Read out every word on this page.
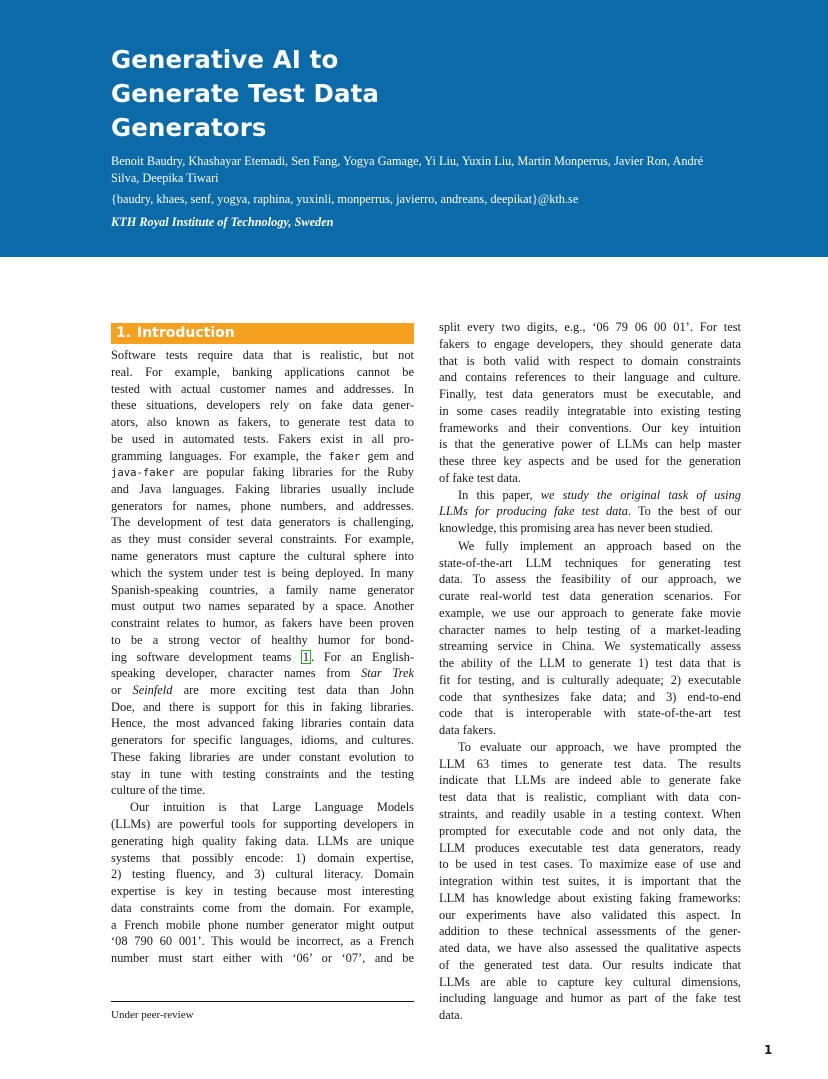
Generative AI to
Generate Test Data
Generators
Benoit Baudry, Khashayar Etemadi, Sen Fang, Yogya Gamage, Yi Liu, Yuxin Liu, Martin Monperrus, Javier Ron, André Silva, Deepika Tiwari
{baudry, khaes, senf, yogya, raphina, yuxinli, monperrus, javierro, andreans, deepikat}@kth.se
KTH Royal Institute of Technology, Sweden
1. Introduction
Software tests require data that is realistic, but not
real. For example, banking applications cannot be
tested with actual customer names and addresses. In
these situations, developers rely on fake data gener-
ators, also known as fakers, to generate test data to
be used in automated tests. Fakers exist in all pro-
gramming languages. For example, the faker gem and
java-faker are popular faking libraries for the Ruby
and Java languages. Faking libraries usually include
generators for names, phone numbers, and addresses.
The development of test data generators is challenging,
as they must consider several constraints. For example,
name generators must capture the cultural sphere into
which the system under test is being deployed. In many
Spanish-speaking countries, a family name generator
must output two names separated by a space. Another
constraint relates to humor, as fakers have been proven
to be a strong vector of healthy humor for bond-
ing software development teams 1 . For an English-
speaking developer, character names from Star Trek
or Seinfeld are more exciting test data than John
Doe, and there is support for this in faking libraries.
Hence, the most advanced faking libraries contain data
generators for specific languages, idioms, and cultures.
These faking libraries are under constant evolution to
stay in tune with testing constraints and the testing
culture of the time.
Our intuition is that Large Language Models
(LLMs) are powerful tools for supporting developers in
generating high quality faking data. LLMs are unique
systems that possibly encode: 1) domain expertise,
2) testing fluency, and 3) cultural literacy. Domain
expertise is key in testing because most interesting
data constraints come from the domain. For example,
a French mobile phone number generator might output
‘08 790 60 001’. This would be incorrect, as a French
number must start either with ‘06’ or ‘07’, and be
split every two digits, e.g., ‘06 79 06 00 01’. For test
fakers to engage developers, they should generate data
that is both valid with respect to domain constraints
and contains references to their language and culture.
Finally, test data generators must be executable, and
in some cases readily integratable into existing testing
frameworks and their conventions. Our key intuition
is that the generative power of LLMs can help master
these three key aspects and be used for the generation
of fake test data.
In this paper, we study the original task of using
LLMs for producing fake test data. To the best of our
knowledge, this promising area has never been studied.
We fully implement an approach based on the
state-of-the-art LLM techniques for generating test
data. To assess the feasibility of our approach, we
curate real-world test data generation scenarios. For
example, we use our approach to generate fake movie
character names to help testing of a market-leading
streaming service in China. We systematically assess
the ability of the LLM to generate 1) test data that is
fit for testing, and is culturally adequate; 2) executable
code that synthesizes fake data; and 3) end-to-end
code that is interoperable with state-of-the-art test
data fakers.
To evaluate our approach, we have prompted the
LLM 63 times to generate test data. The results
indicate that LLMs are indeed able to generate fake
test data that is realistic, compliant with data con-
straints, and readily usable in a testing context. When
prompted for executable code and not only data, the
LLM produces executable test data generators, ready
to be used in test cases. To maximize ease of use and
integration within test suites, it is important that the
LLM has knowledge about existing faking frameworks:
our experiments have also validated this aspect. In
addition to these technical assessments of the gener-
ated data, we have also assessed the qualitative aspects
of the generated test data. Our results indicate that
LLMs are able to capture key cultural dimensions,
including language and humor as part of the fake test
data.
Under peer-review
1
